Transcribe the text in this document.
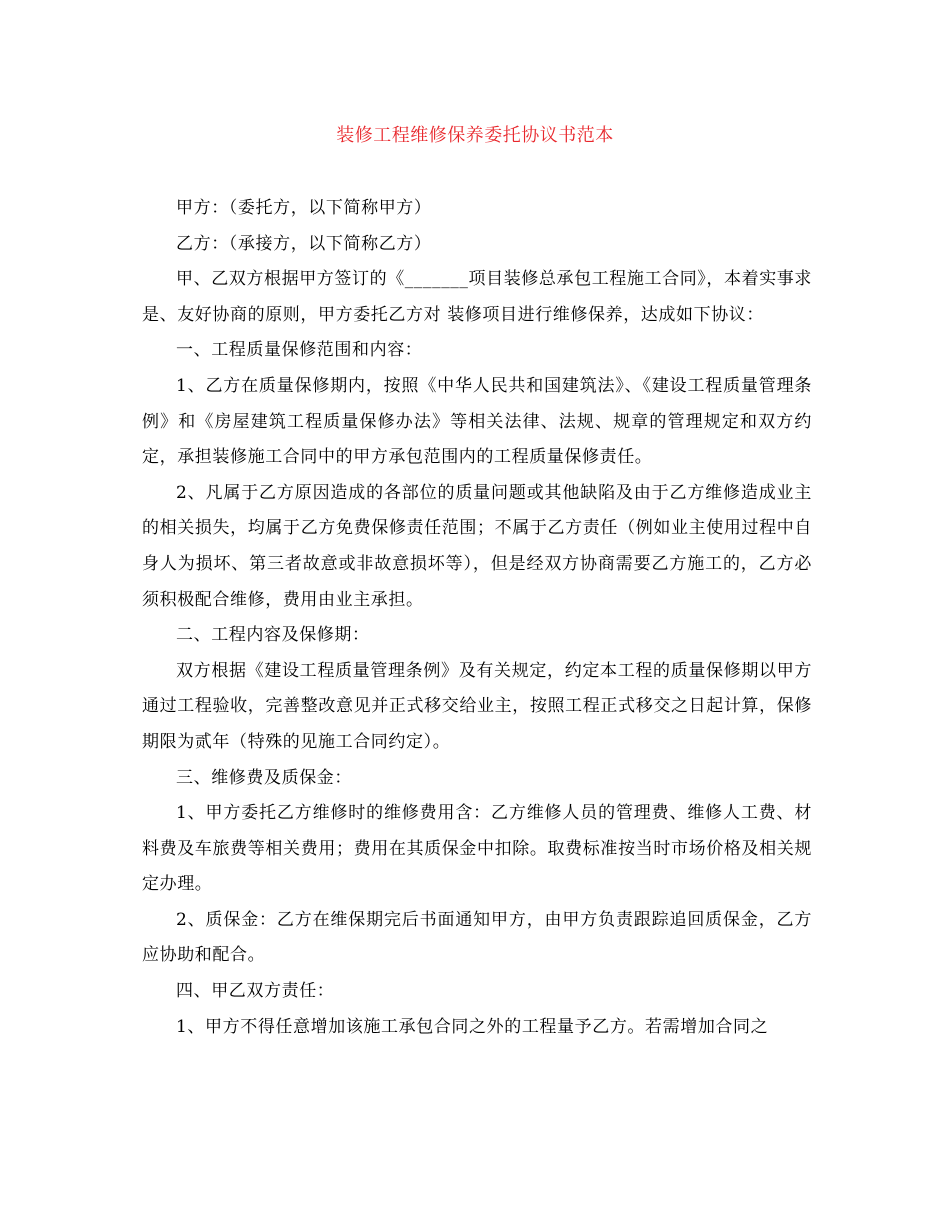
装修工程维修保养委托协议书范本

甲方：（委托方，以下简称甲方）

乙方：（承接方，以下简称乙方）

甲、乙双方根据甲方签订的《_______项目装修总承包工程施工合同》，本着实事求是、友好协商的原则，甲方委托乙方对 装修项目进行维修保养，达成如下协议：

一、工程质量保修范围和内容：

1、乙方在质量保修期内，按照《中华人民共和国建筑法》、《建设工程质量管理条例》和《房屋建筑工程质量保修办法》等相关法律、法规、规章的管理规定和双方约定，承担装修施工合同中的甲方承包范围内的工程质量保修责任。

2、凡属于乙方原因造成的各部位的质量问题或其他缺陷及由于乙方维修造成业主的相关损失，均属于乙方免费保修责任范围；不属于乙方责任（例如业主使用过程中自身人为损坏、第三者故意或非故意损坏等），但是经双方协商需要乙方施工的，乙方必须积极配合维修，费用由业主承担。

二、工程内容及保修期：

双方根据《建设工程质量管理条例》及有关规定，约定本工程的质量保修期以甲方通过工程验收，完善整改意见并正式移交给业主，按照工程正式移交之日起计算，保修期限为贰年（特殊的见施工合同约定）。

三、维修费及质保金：

1、甲方委托乙方维修时的维修费用含：乙方维修人员的管理费、维修人工费、材料费及车旅费等相关费用；费用在其质保金中扣除。取费标准按当时市场价格及相关规定办理。

2、质保金：乙方在维保期完后书面通知甲方，由甲方负责跟踪追回质保金，乙方应协助和配合。

四、甲乙双方责任：

1、甲方不得任意增加该施工承包合同之外的工程量予乙方。若需增加合同之
